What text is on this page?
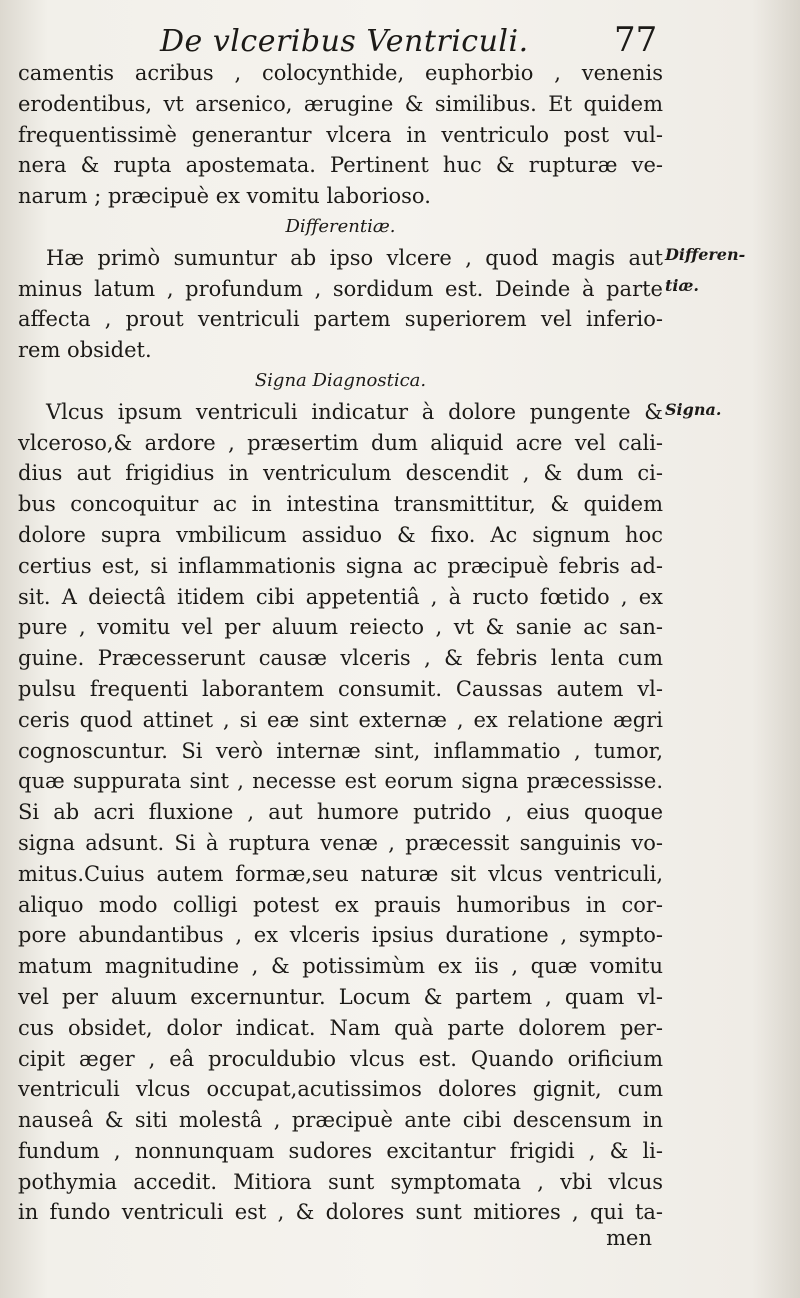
De vlceribus Ventriculi.	77
camentis acribus , colocynthide, euphorbio , venenis
erodentibus, vt arsenico, ærugine & similibus. Et quidem
frequentissimè generantur vlcera in ventriculo post vul-
nera & rupta apostemata. Pertinent huc & rupturæ ve-
narum ; præcipuè ex vomitu laborioso.
Differentiæ.
Hæ primò sumuntur ab ipso vlcere , quod magis aut
minus latum , profundum , sordidum est. Deinde à parte
affecta , prout ventriculi partem superiorem vel inferio-
rem obsidet.
Signa Diagnostica.
Vlcus ipsum ventriculi indicatur à dolore pungente &
vlceroso,& ardore , præsertim dum aliquid acre vel cali-
dius aut frigidius in ventriculum descendit , & dum ci-
bus concoquitur ac in intestina transmittitur, & quidem
dolore supra vmbilicum assiduo & fixo. Ac signum hoc
certius est, si inflammationis signa ac præcipuè febris ad-
sit. A deiectâ itidem cibi appetentiâ , à ructo fœtido , ex
pure , vomitu vel per aluum reiecto , vt & sanie ac san-
guine. Præcesserunt causæ vlceris , & febris lenta cum
pulsu frequenti laborantem consumit. Caussas autem vl-
ceris quod attinet , si eæ sint externæ , ex relatione ægri
cognoscuntur. Si verò internæ sint, inflammatio , tumor,
quæ suppurata sint , necesse est eorum signa præcessisse.
Si ab acri fluxione , aut humore putrido , eius quoque
signa adsunt. Si à ruptura venæ , præcessit sanguinis vo-
mitus.Cuius autem formæ,seu naturæ sit vlcus ventriculi,
aliquo modo colligi potest ex prauis humoribus in cor-
pore abundantibus , ex vlceris ipsius duratione , sympto-
matum magnitudine , & potissimùm ex iis , quæ vomitu
vel per aluum excernuntur. Locum & partem , quam vl-
cus obsidet, dolor indicat. Nam quà parte dolorem per-
cipit æger , eâ proculdubio vlcus est. Quando orificium
ventriculi vlcus occupat,acutissimos dolores gignit, cum
nauseâ & siti molestâ , præcipuè ante cibi descensum in
fundum , nonnunquam sudores excitantur frigidi , & li-
pothymia accedit. Mitiora sunt symptomata , vbi vlcus
in fundo ventriculi est , & dolores sunt mitiores , qui ta-
Differen-
tiæ.
Signa.
men
